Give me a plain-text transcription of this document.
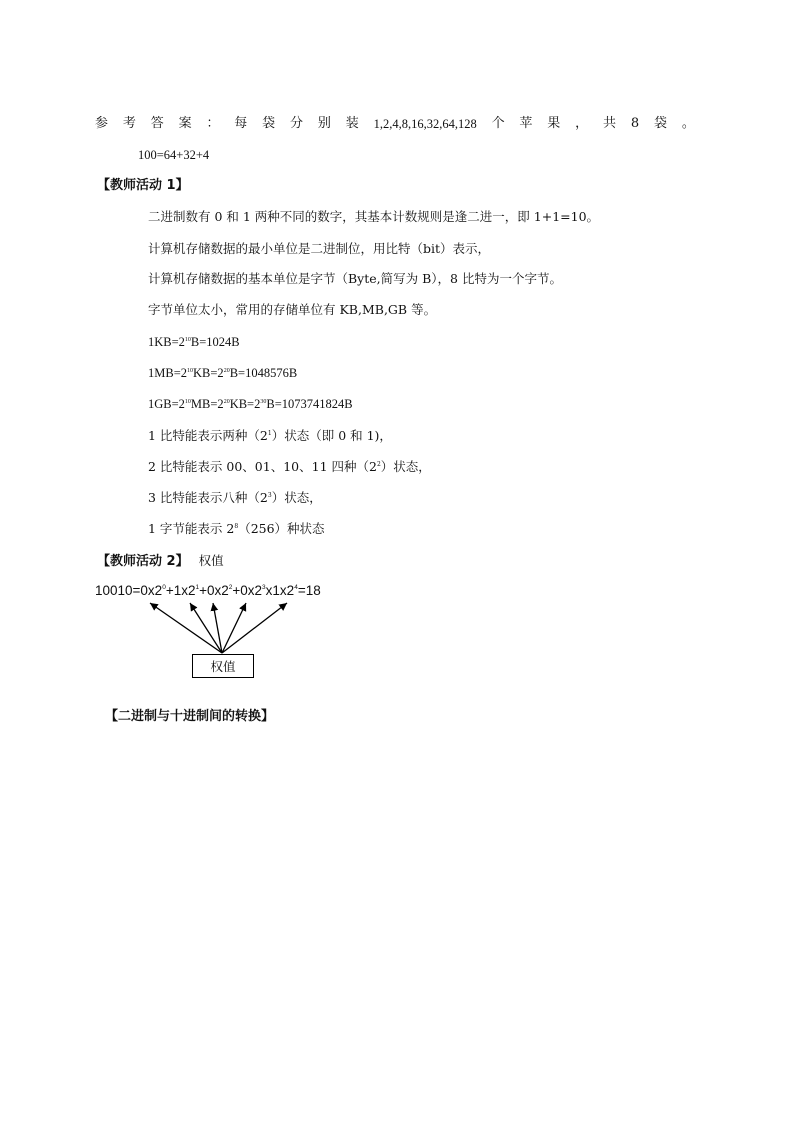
参 考 答 案 ： 每 袋 分 别 装 1,2,4,8,16,32,64,128 个 苹 果 ， 共 8 袋 。
100=64+32+4
【教师活动 1】
二进制数有 0 和 1 两种不同的数字，其基本计数规则是逢二进一，即 1+1=10。
计算机存储数据的最小单位是二进制位，用比特（bit）表示，
计算机存储数据的基本单位是字节（Byte,简写为 B），8 比特为一个字节。
字节单位太小，常用的存储单位有 KB,MB,GB 等。
$1KB=2^{10}B=1024B$
$1MB=2^{10}KB=2^{20}B=1048576B$
$1GB=2^{10}MB=2^{20}KB=2^{30}B=1073741824B$
1 比特能表示两种$(2^1)$状态（即 0 和 1)，
2 比特能表示 00、01、10、11 四种$(2^2)$状态，
3 比特能表示八种$(2^3)$状态，
1 字节能表示 $2^8(256)$种状态
【教师活动 2】 权值
$10010=0x2^0+1x2^1+0x2^2+0x2^3x1x2^4=18$
权值
【二进制与十进制间的转换】
